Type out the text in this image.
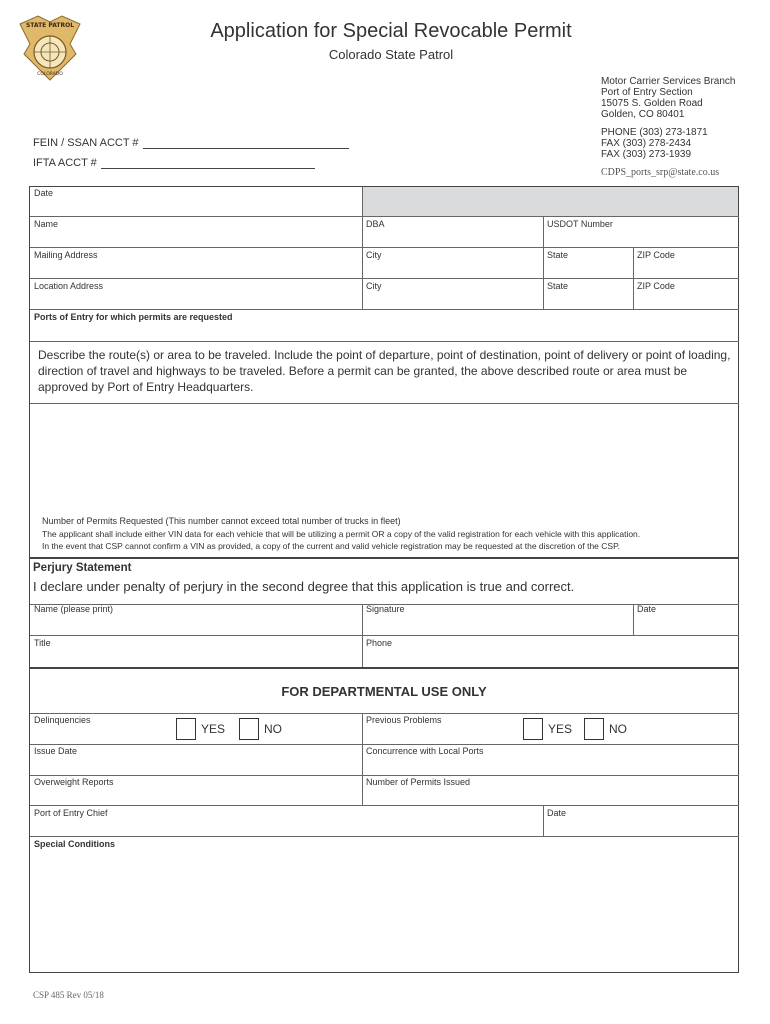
STATE PATROL
COLORADO
Application for Special Revocable Permit
Colorado State Patrol
Motor Carrier Services Branch
Port of Entry Section
15075 S. Golden Road
Golden, CO 80401
PHONE (303) 273-1871
FAX (303) 278-2434
FAX (303) 273-1939
CDPS_ports_srp@state.co.us
FEIN / SSAN ACCT #
IFTA ACCT #
Date
Name	DBA	USDOT Number
Mailing Address	City	State	ZIP Code
Location Address	City	State	ZIP Code
Ports of Entry for which permits are requested
Describe the route(s) or area to be traveled. Include the point of departure, point of destination, point of delivery or point of loading, direction of travel and highways to be traveled. Before a permit can be granted, the above described route or area must be approved by Port of Entry Headquarters.
Number of Permits Requested (This number cannot exceed total number of trucks in fleet)
The applicant shall include either VIN data for each vehicle that will be utilizing a permit OR a copy of the valid registration for each vehicle with this application.
In the event that CSP cannot confirm a VIN as provided, a copy of the current and valid vehicle registration may be requested at the discretion of the CSP.
Perjury Statement
I declare under penalty of perjury in the second degree that this application is true and correct.
Name (please print)	Signature	Date
Title	Phone
FOR DEPARTMENTAL USE ONLY
Delinquencies
YES	NO
Previous Problems
YES	NO
Issue Date	Concurrence with Local Ports
Overweight Reports	Number of Permits Issued
Port of Entry Chief	Date
Special Conditions
CSP 485 Rev 05/18
